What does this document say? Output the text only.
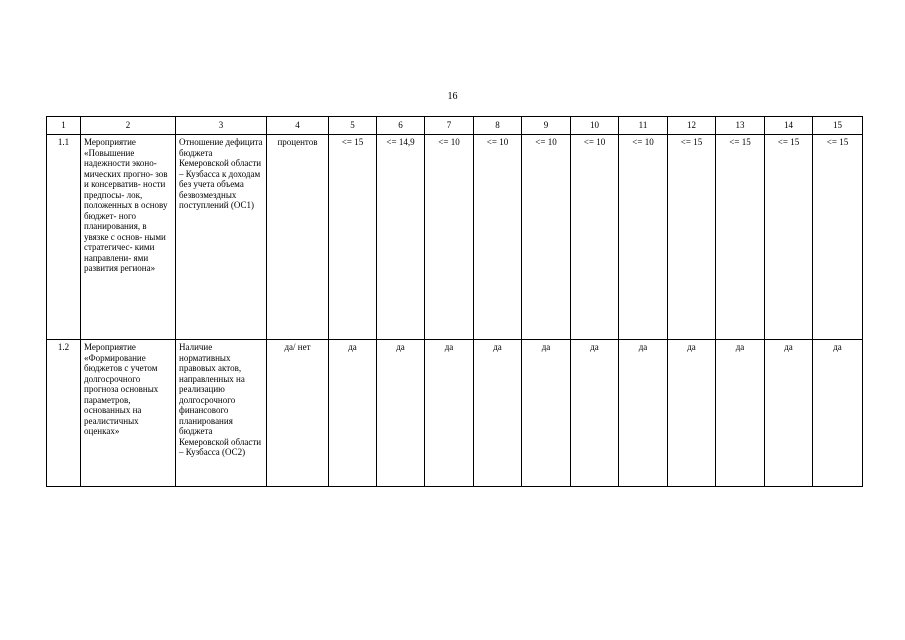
16
1	2	3	4	5	6	7	8	9	10	11	12	13	14	15
1.1	Мероприятие «Повышение надежности эконо- мических прогно- зов и консерватив- ности предпосы- лок, положенных в основу бюджет- ного планирования, в увязке с основ- ными стратегичес- кими направлени- ями развития региона»	Отношение дефицита бюджета Кемеровской области – Кузбасса к доходам без учета объема безвозмездных поступлений (ОС1)	процентов	<= 15	<= 14,9	<= 10	<= 10	<= 10	<= 10	<= 10	<= 15	<= 15	<= 15	<= 15
1.2	Мероприятие «Формирование бюджетов с учетом долгосрочного прогноза основных параметров, основанных на реалистичных оценках»	Наличие нормативных правовых актов, направленных на реализацию долгосрочного финансового планирования бюджета Кемеровской области – Кузбасса (ОС2)	да/ нет	да	да	да	да	да	да	да	да	да	да	да
